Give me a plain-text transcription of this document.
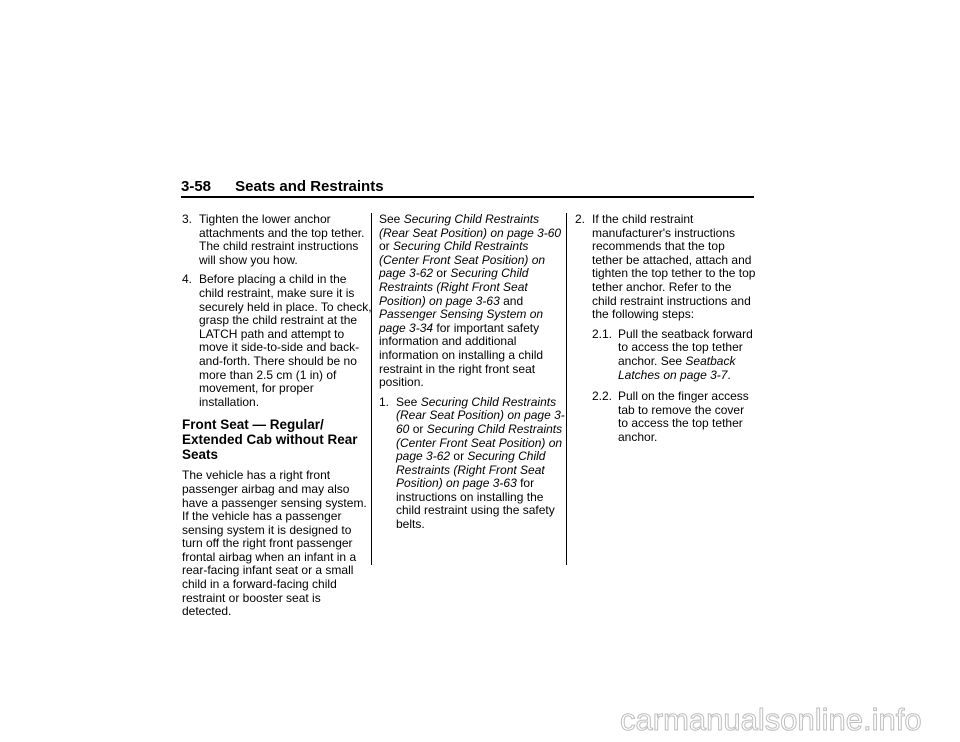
3-58 Seats and Restraints
3. Tighten the lower anchor attachments and the top tether. The child restraint instructions will show you how.
4. Before placing a child in the child restraint, make sure it is securely held in place. To check, grasp the child restraint at the LATCH path and attempt to move it side-to-side and back-and-forth. There should be no more than 2.5 cm (1 in) of movement, for proper installation.
Front Seat — Regular/ Extended Cab without Rear Seats

The vehicle has a right front passenger airbag and may also have a passenger sensing system. If the vehicle has a passenger sensing system it is designed to turn off the right front passenger frontal airbag when an infant in a rear-facing infant seat or a small child in a forward-facing child restraint or booster seat is detected.

See Securing Child Restraints (Rear Seat Position) on page 3-60 or Securing Child Restraints (Center Front Seat Position) on page 3-62 or Securing Child Restraints (Right Front Seat Position) on page 3-63 and Passenger Sensing System on page 3-34 for important safety information and additional information on installing a child restraint in the right front seat position.

1. See Securing Child Restraints (Rear Seat Position) on page 3-60 or Securing Child Restraints (Center Front Seat Position) on page 3-62 or Securing Child Restraints (Right Front Seat Position) on page 3-63 for instructions on installing the child restraint using the safety belts.
2. If the child restraint manufacturer's instructions recommends that the top tether be attached, attach and tighten the top tether to the top tether anchor. Refer to the child restraint instructions and the following steps:
2.1. Pull the seatback forward to access the top tether anchor. See Seatback Latches on page 3-7.
2.2. Pull on the finger access tab to remove the cover to access the top tether anchor.
carmanualsonline.info
